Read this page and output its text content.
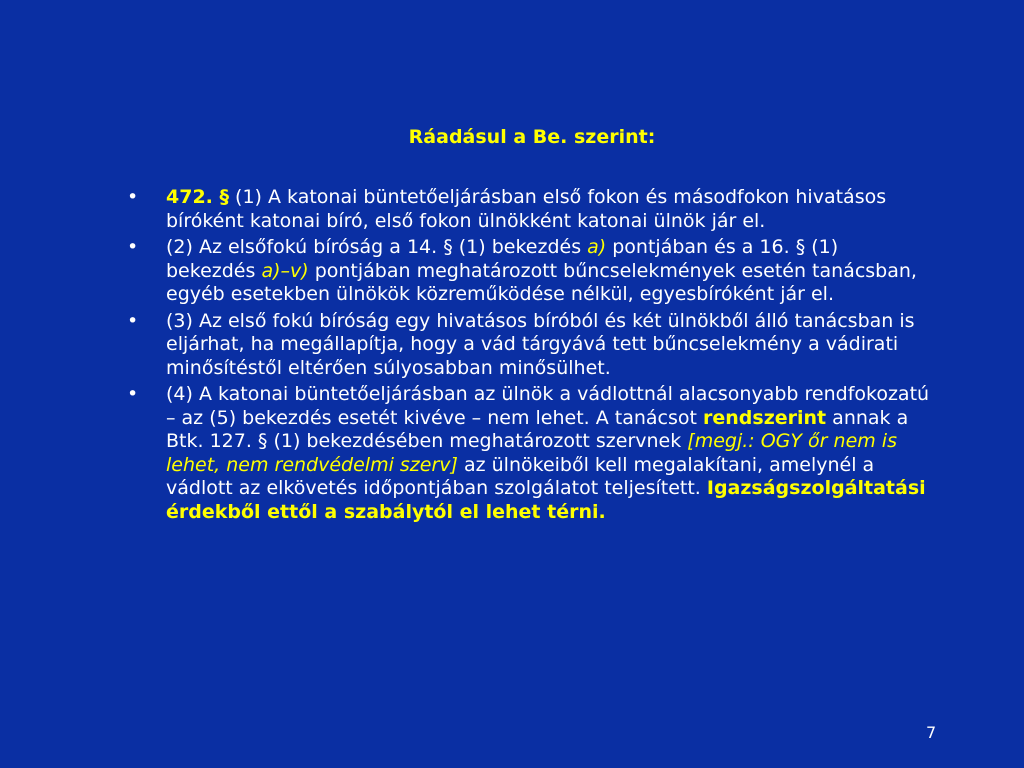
Ráadásul a Be. szerint:
• 472. § (1) A katonai büntetőeljárásban első fokon és másodfokon hivatásos bíróként katonai bíró, első fokon ülnökként katonai ülnök jár el.
• (2) Az elsőfokú bíróság a 14. § (1) bekezdés a) pontjában és a 16. § (1) bekezdés a)–v) pontjában meghatározott bűncselekmények esetén tanácsban, egyéb esetekben ülnökök közreműködése nélkül, egyesbíróként jár el.
• (3) Az első fokú bíróság egy hivatásos bíróból és két ülnökből álló tanácsban is eljárhat, ha megállapítja, hogy a vád tárgyává tett bűncselekmény a vádirati minősítéstől eltérően súlyosabban minősülhet.
• (4) A katonai büntetőeljárásban az ülnök a vádlottnál alacsonyabb rendfokozatú – az (5) bekezdés esetét kivéve – nem lehet. A tanácsot rendszerint annak a Btk. 127. § (1) bekezdésében meghatározott szervnek [megj.: OGY őr nem is lehet, nem rendvédelmi szerv] az ülnökeiből kell megalakítani, amelynél a vádlott az elkövetés időpontjában szolgálatot teljesített. Igazságszolgáltatási érdekből ettől a szabálytól el lehet térni.
7
